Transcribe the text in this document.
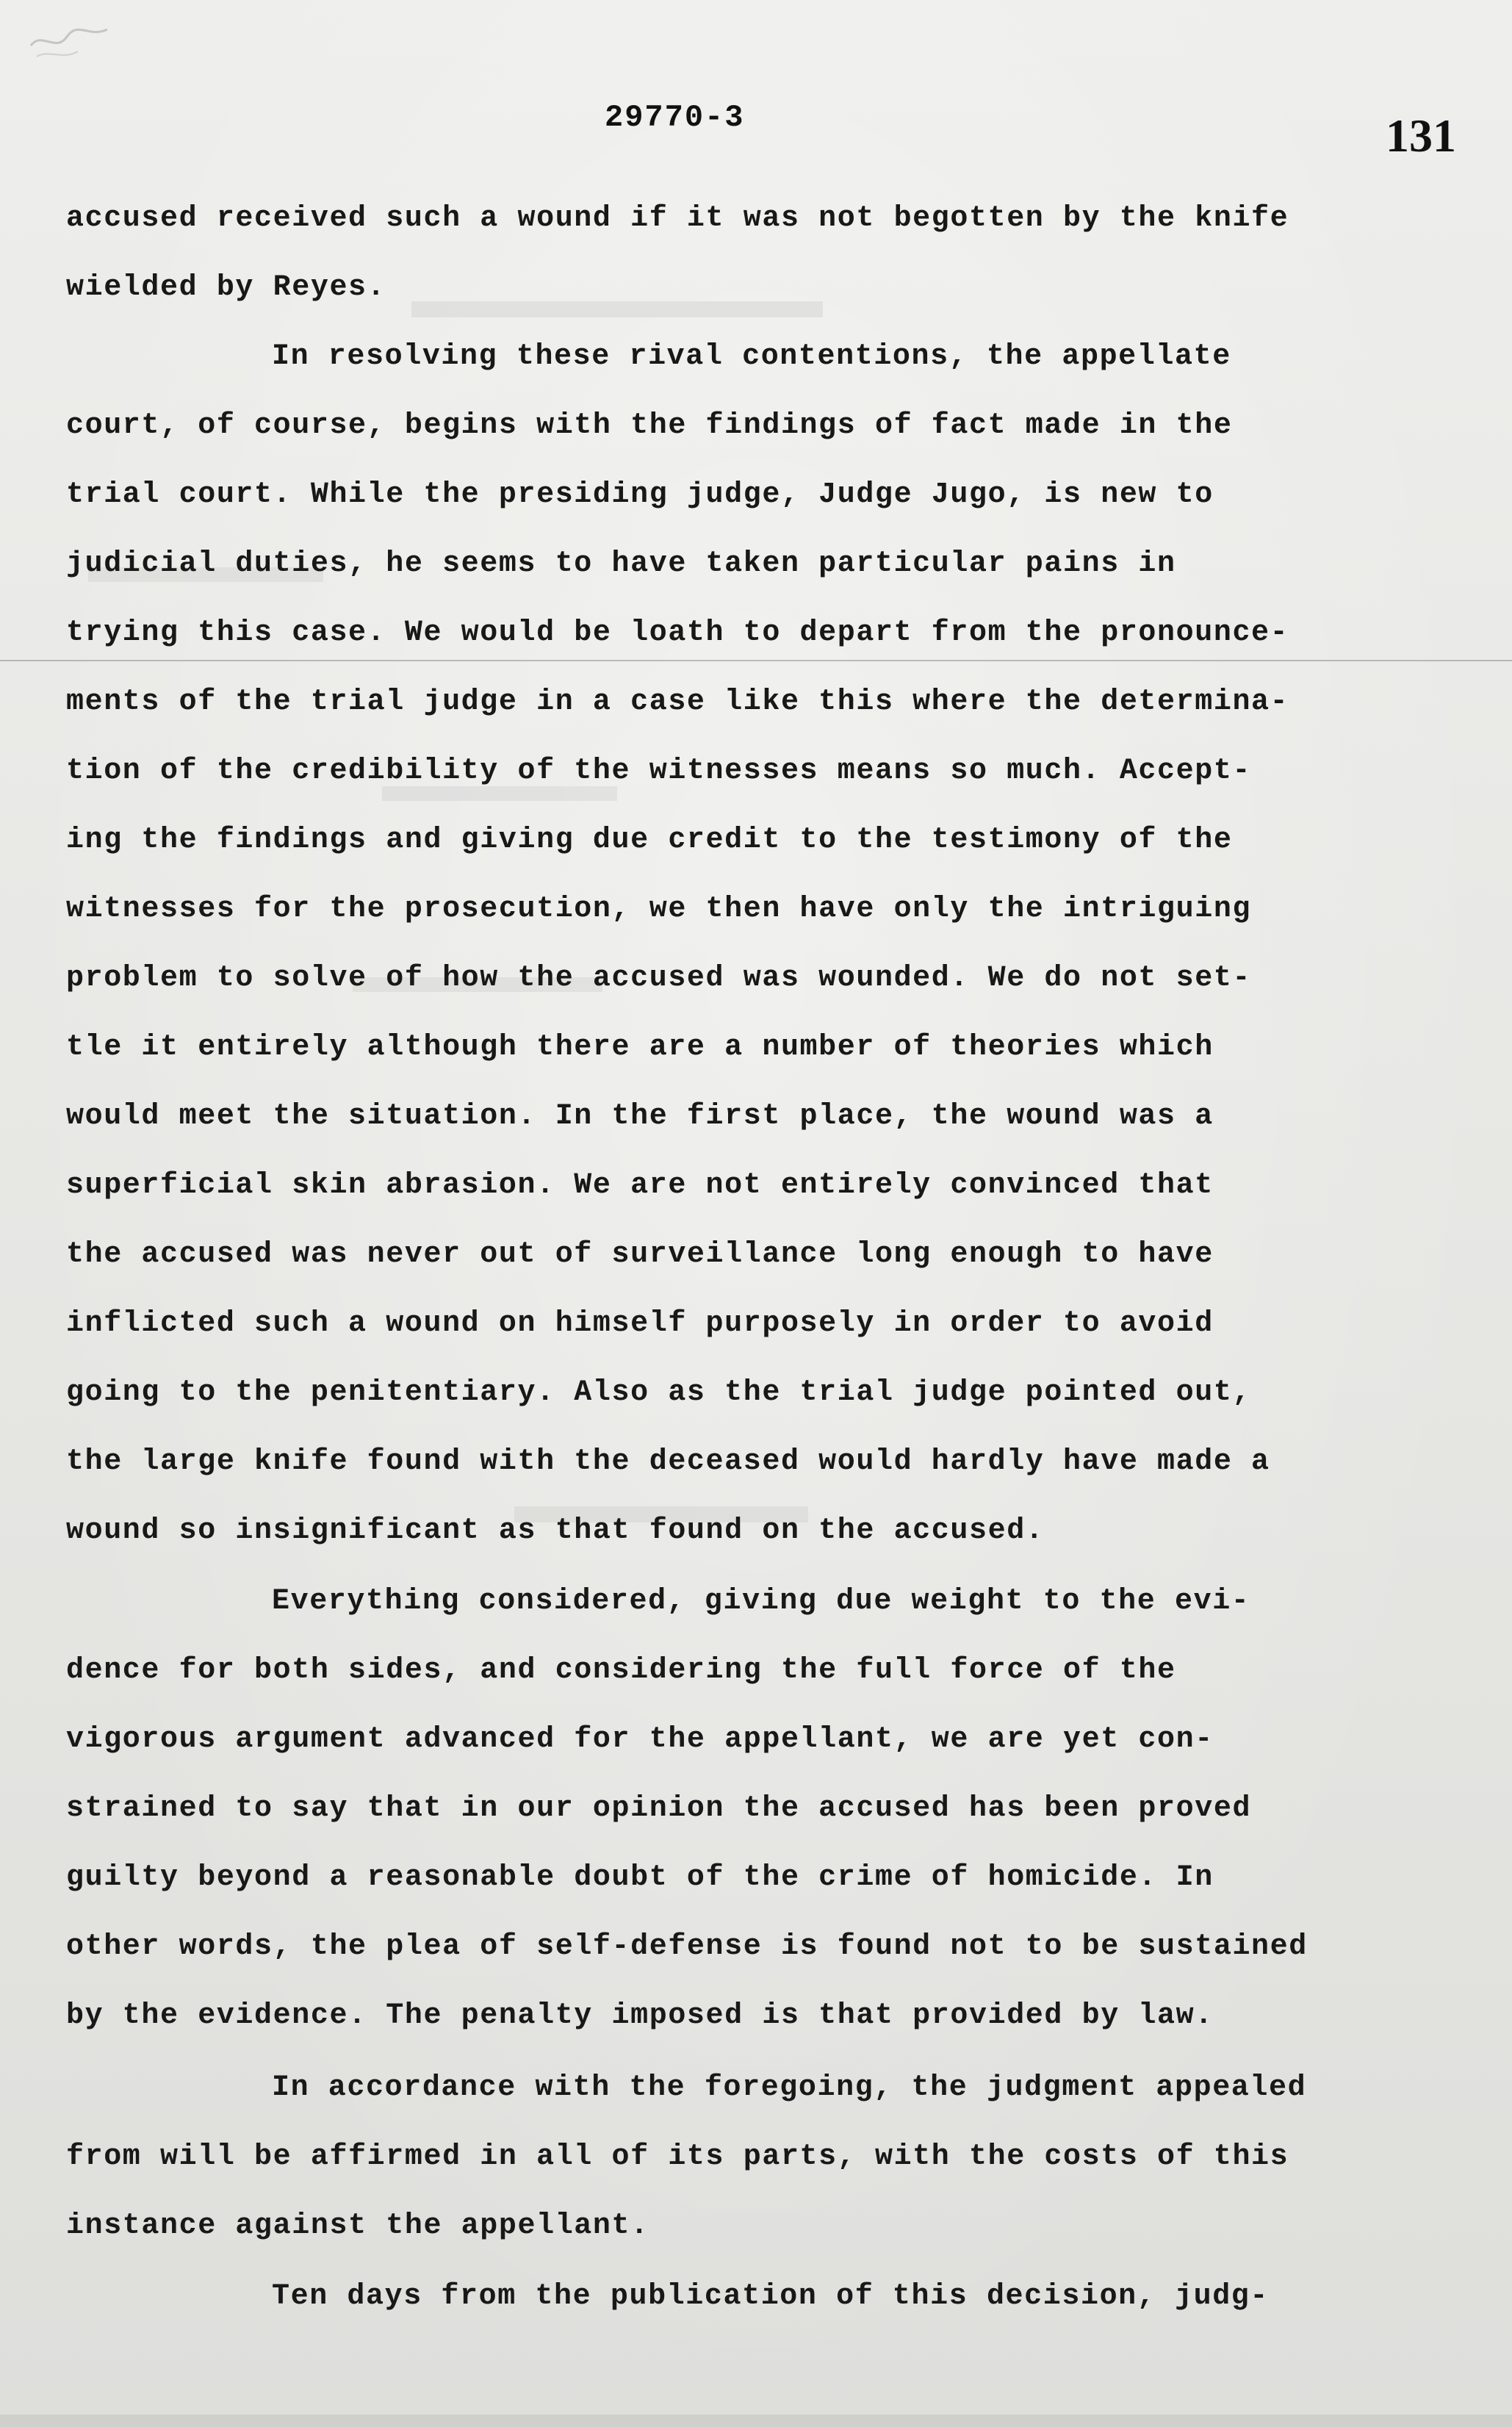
29770-3	131
accused received such a wound if it was not begotten by the knife
wielded by Reyes.
In resolving these rival contentions, the appellate
court, of course, begins with the findings of fact made in the
trial court. While the presiding judge, Judge Jugo, is new to
judicial duties, he seems to have taken particular pains in
trying this case. We would be loath to depart from the pronounce-
ments of the trial judge in a case like this where the determina-
tion of the credibility of the witnesses means so much. Accept-
ing the findings and giving due credit to the testimony of the
witnesses for the prosecution, we then have only the intriguing
problem to solve of how the accused was wounded. We do not set-
tle it entirely although there are a number of theories which
would meet the situation. In the first place, the wound was a
superficial skin abrasion. We are not entirely convinced that
the accused was never out of surveillance long enough to have
inflicted such a wound on himself purposely in order to avoid
going to the penitentiary. Also as the trial judge pointed out,
the large knife found with the deceased would hardly have made a
wound so insignificant as that found on the accused.
Everything considered, giving due weight to the evi-
dence for both sides, and considering the full force of the
vigorous argument advanced for the appellant, we are yet con-
strained to say that in our opinion the accused has been proved
guilty beyond a reasonable doubt of the crime of homicide. In
other words, the plea of self-defense is found not to be sustained
by the evidence. The penalty imposed is that provided by law.
In accordance with the foregoing, the judgment appealed
from will be affirmed in all of its parts, with the costs of this
instance against the appellant.
Ten days from the publication of this decision, judg-
